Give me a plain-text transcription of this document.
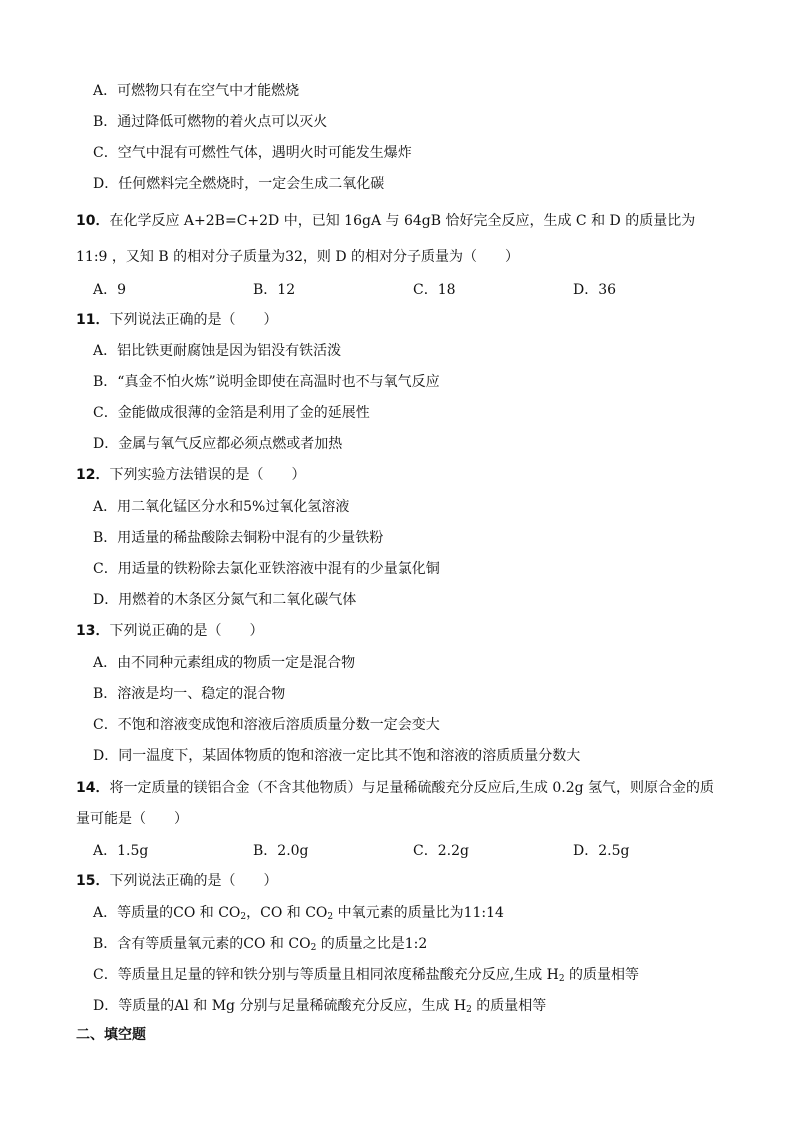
A．可燃物只有在空气中才能燃烧
B．通过降低可燃物的着火点可以灭火
C．空气中混有可燃性气体，遇明火时可能发生爆炸
D．任何燃料完全燃烧时，一定会生成二氧化碳
10．在化学反应 A+2B=C+2D 中，已知 16gA 与 64gB 恰好完全反应，生成 C 和 D 的质量比为
11:9 ，又知 B 的相对分子质量为32，则 D 的相对分子质量为（　　）
A．9	B．12	C．18	D．36
11．下列说法正确的是（　　）
A．铝比铁更耐腐蚀是因为铝没有铁活泼
B．“真金不怕火炼”说明金即使在高温时也不与氧气反应
C．金能做成很薄的金箔是利用了金的延展性
D．金属与氧气反应都必须点燃或者加热
12．下列实验方法错误的是（　　）
A．用二氧化锰区分水和5%过氧化氢溶液
B．用适量的稀盐酸除去铜粉中混有的少量铁粉
C．用适量的铁粉除去氯化亚铁溶液中混有的少量氯化铜
D．用燃着的木条区分氮气和二氧化碳气体
13．下列说正确的是（　　）
A．由不同种元素组成的物质一定是混合物
B．溶液是均一、稳定的混合物
C．不饱和溶液变成饱和溶液后溶质质量分数一定会变大
D．同一温度下，某固体物质的饱和溶液一定比其不饱和溶液的溶质质量分数大
14．将一定质量的镁铝合金（不含其他物质）与足量稀硫酸充分反应后,生成 0.2g 氢气，则原合金的质
量可能是（　　）
A．1.5g	B．2.0g	C．2.2g	D．2.5g
15．下列说法正确的是（　　）
A．等质量的CO 和 $CO_2$，CO 和 $CO_2$ 中氧元素的质量比为11:14
B．含有等质量氧元素的CO 和 $CO_2$ 的质量之比是1:2
C．等质量且足量的锌和铁分别与等质量且相同浓度稀盐酸充分反应,生成 $H_2$ 的质量相等
D．等质量的Al 和 Mg 分别与足量稀硫酸充分反应，生成 $H_2$ 的质量相等
二、填空题
